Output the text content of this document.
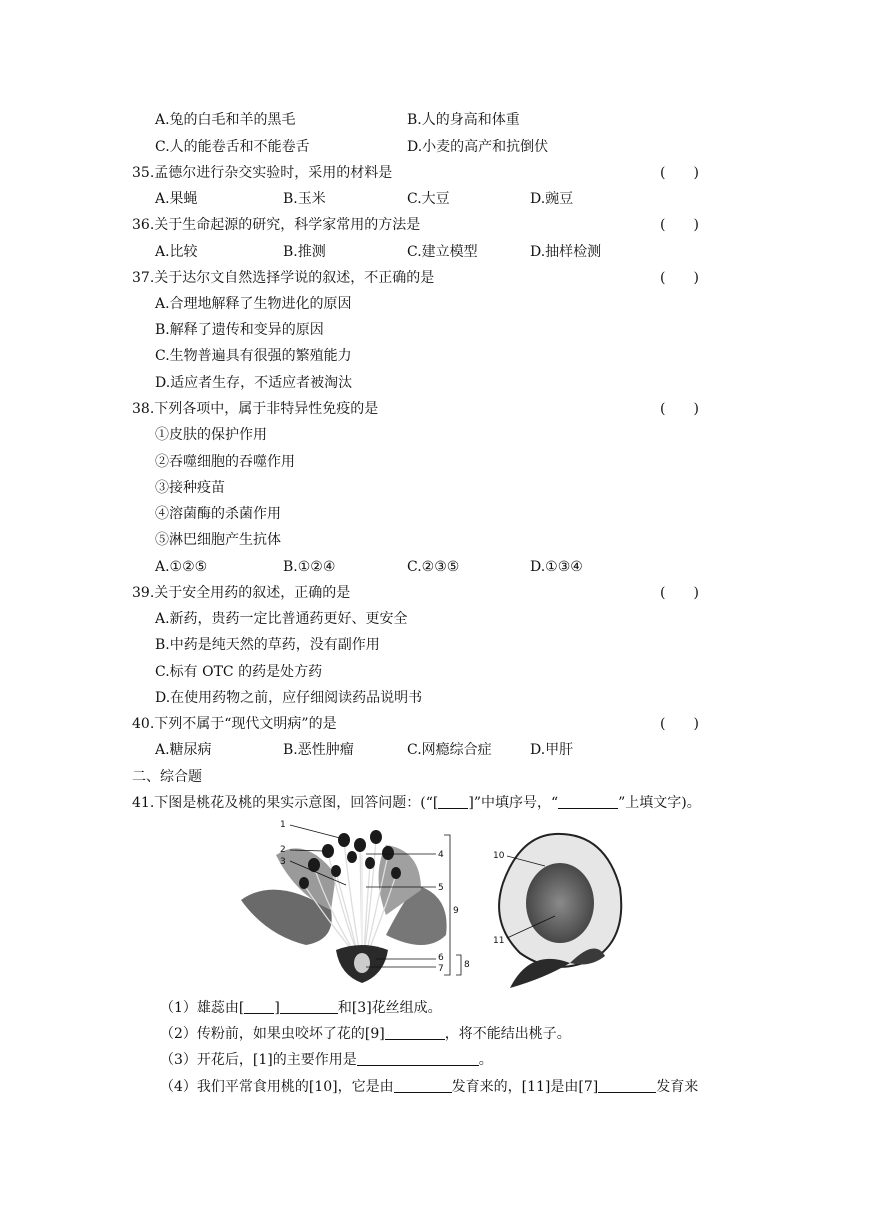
A.兔的白毛和羊的黑毛	B.人的身高和体重
C.人的能卷舌和不能卷舌	D.小麦的高产和抗倒伏
35.孟德尔进行杂交实验时，采用的材料是	(　　)
A.果蝇	B.玉米	C.大豆	D.豌豆
36.关于生命起源的研究，科学家常用的方法是	(　　)
A.比较	B.推测	C.建立模型	D.抽样检测
37.关于达尔文自然选择学说的叙述，不正确的是	(　　)
A.合理地解释了生物进化的原因
B.解释了遗传和变异的原因
C.生物普遍具有很强的繁殖能力
D.适应者生存，不适应者被淘汰
38.下列各项中，属于非特异性免疫的是	(　　)
①皮肤的保护作用
②吞噬细胞的吞噬作用
③接种疫苗
④溶菌酶的杀菌作用
⑤淋巴细胞产生抗体
A.①②⑤	B.①②④	C.②③⑤	D.①③④
39.关于安全用药的叙述，正确的是	(　　)
A.新药，贵药一定比普通药更好、更安全
B.中药是纯天然的草药，没有副作用
C.标有 OTC 的药是处方药
D.在使用药物之前，应仔细阅读药品说明书
40.下列不属于“现代文明病”的是	(　　)
A.糖尿病	B.恶性肿瘤	C.网瘾综合症	D.甲肝
二、综合题
41.下图是桃花及桃的果实示意图，回答问题：(“[ ]”中填序号，“	”上填文字)。
1
2
3
4
5
9
6
7 8
10
11
（1）雄蕊由[ ]	和[3]花丝组成。
（2）传粉前，如果虫咬坏了花的[9]	，将不能结出桃子。
（3）开花后，[1]的主要作用是	。
（4）我们平常食用桃的[10]，它是由	发育来的，[11]是由[7]	发育来
